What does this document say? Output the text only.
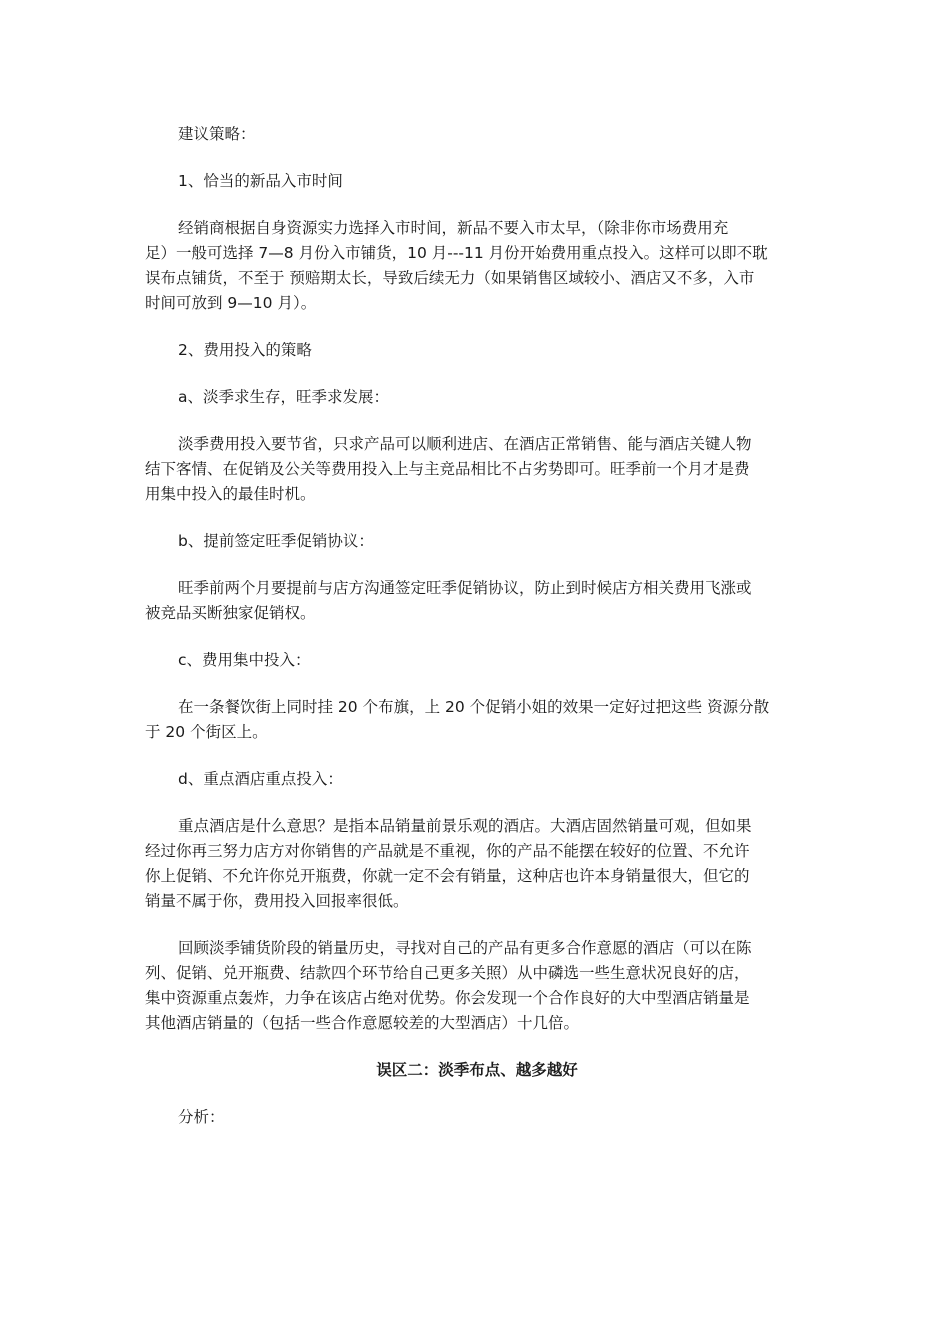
建议策略：

1、恰当的新品入市时间

经销商根据自身资源实力选择入市时间，新品不要入市太早，（除非你市场费用充
足）一般可选择 7—8 月份入市铺货，10 月---11 月份开始费用重点投入。这样可以即不耽
误布点铺货，不至于 预赔期太长，导致后续无力（如果销售区域较小、酒店又不多，入市
时间可放到 9—10 月）。

2、费用投入的策略

a、淡季求生存，旺季求发展：

淡季费用投入要节省，只求产品可以顺利进店、在酒店正常销售、能与酒店关键人物
结下客情、在促销及公关等费用投入上与主竞品相比不占劣势即可。旺季前一个月才是费
用集中投入的最佳时机。

b、提前签定旺季促销协议：

旺季前两个月要提前与店方沟通签定旺季促销协议，防止到时候店方相关费用飞涨或
被竞品买断独家促销权。

c、费用集中投入：

在一条餐饮街上同时挂 20 个布旗，上 20 个促销小姐的效果一定好过把这些 资源分散
于 20 个街区上。

d、重点酒店重点投入：

重点酒店是什么意思？是指本品销量前景乐观的酒店。大酒店固然销量可观，但如果
经过你再三努力店方对你销售的产品就是不重视，你的产品不能摆在较好的位置、不允许
你上促销、不允许你兑开瓶费，你就一定不会有销量，这种店也许本身销量很大，但它的
销量不属于你，费用投入回报率很低。
回顾淡季铺货阶段的销量历史，寻找对自己的产品有更多合作意愿的酒店（可以在陈
列、促销、兑开瓶费、结款四个环节给自己更多关照）从中磷选一些生意状况良好的店，
集中资源重点轰炸，力争在该店占绝对优势。你会发现一个合作良好的大中型酒店销量是
其他酒店销量的（包括一些合作意愿较差的大型酒店）十几倍。

误区二：淡季布点、越多越好

分析：
